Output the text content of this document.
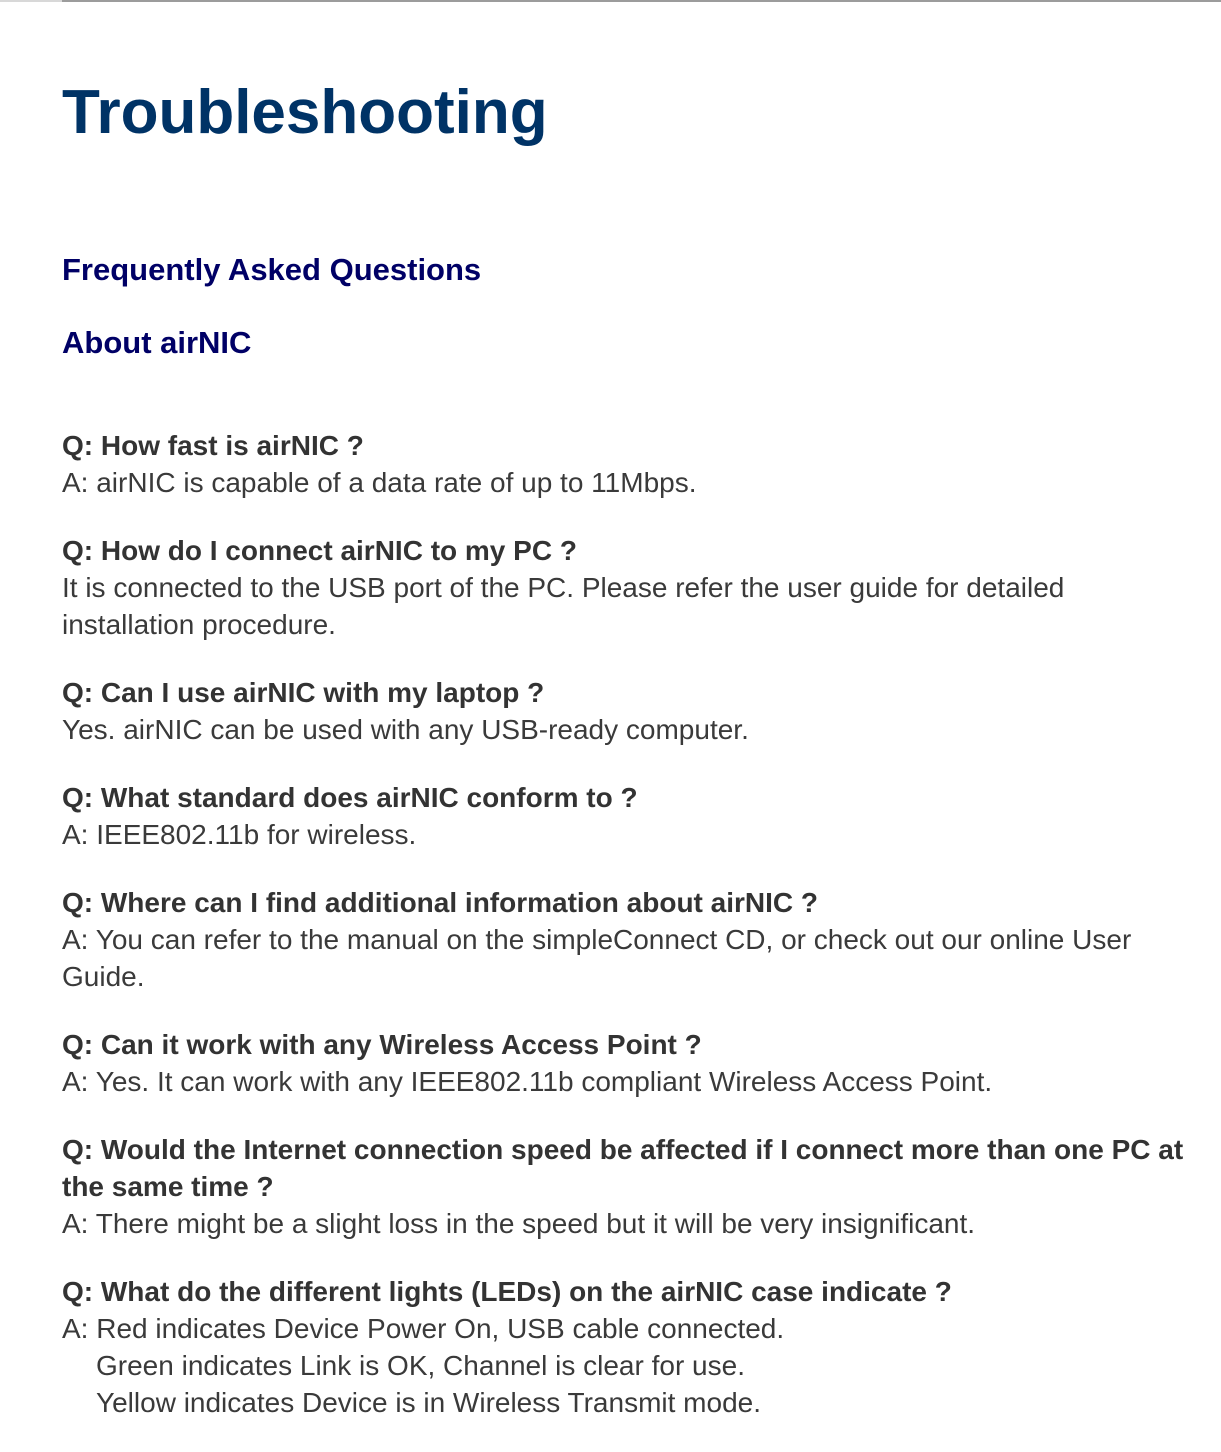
Troubleshooting
Frequently Asked Questions
About airNIC

Q: How fast is airNIC ?

A: airNIC is capable of a data rate of up to 11Mbps.

Q: How do I connect airNIC to my PC ?

It is connected to the USB port of the PC. Please refer the user guide for detailed installation procedure.

Q: Can I use airNIC with my laptop ?

Yes. airNIC can be used with any USB-ready computer.

Q: What standard does airNIC conform to ?

A: IEEE802.11b for wireless.

Q: Where can I find additional information about airNIC ?

A: You can refer to the manual on the simpleConnect CD, or check out our online User Guide.

Q: Can it work with any Wireless Access Point ?

A: Yes. It can work with any IEEE802.11b compliant Wireless Access Point.

Q: Would the Internet connection speed be affected if I connect more than one PC at the same time ?

A: There might be a slight loss in the speed but it will be very insignificant.

Q: What do the different lights (LEDs) on the airNIC case indicate ?

A: Red indicates Device Power On, USB cable connected.

Green indicates Link is OK, Channel is clear for use.

Yellow indicates Device is in Wireless Transmit mode.
